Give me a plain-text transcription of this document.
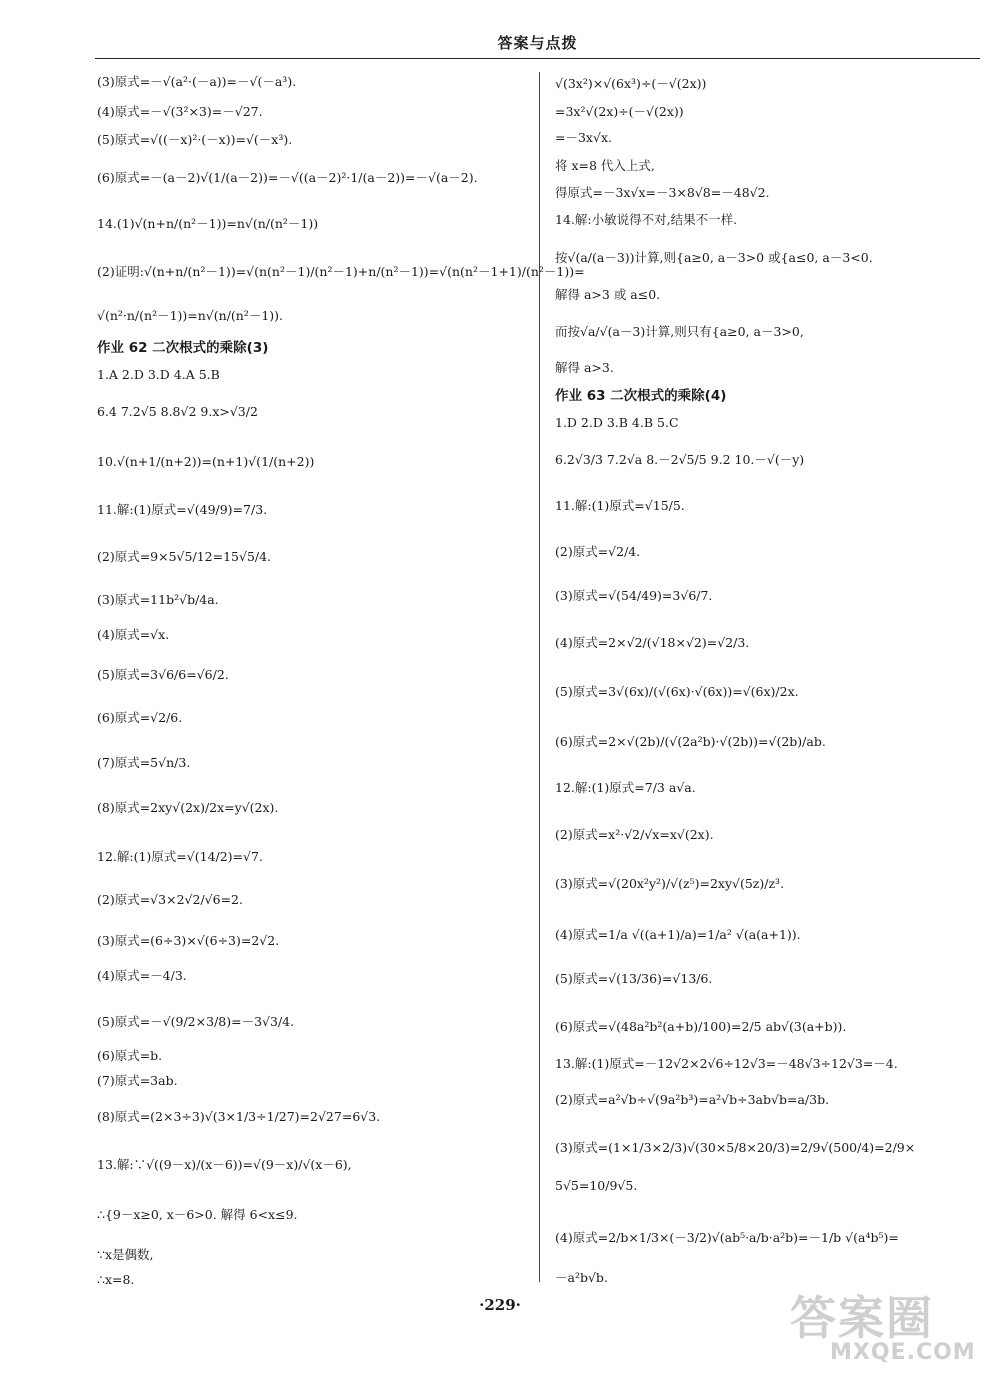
答案与点拨
(3)原式=－√(a²·(－a))=－√(－a³).
(4)原式=－√(3²×3)=－√27.
(5)原式=√((－x)²·(－x))=√(－x³).
(6)原式=－(a－2)√(1/(a－2))=－√((a－2)²·1/(a－2))=－√(a－2).
14.(1)√(n+n/(n²－1))=n√(n/(n²－1))
(2)证明:√(n+n/(n²－1))=√(n(n²－1)/(n²－1)+n/(n²－1))=√(n(n²－1+1)/(n²－1))=
√(n²·n/(n²－1))=n√(n/(n²－1)).
作业 62 二次根式的乘除(3)
1.A 2.D 3.D 4.A 5.B
6.4 7.2√5 8.8√2 9.x>√3/2
10.√(n+1/(n+2))=(n+1)√(1/(n+2))
11.解:(1)原式=√(49/9)=7/3.
(2)原式=9×5√5/12=15√5/4.
(3)原式=11b²√b/4a.
(4)原式=√x.
(5)原式=3√6/6=√6/2.
(6)原式=√2/6.
(7)原式=5√n/3.
(8)原式=2xy√(2x)/2x=y√(2x).
12.解:(1)原式=√(14/2)=√7.
(2)原式=√3×2√2/√6=2.
(3)原式=(6÷3)×√(6÷3)=2√2.
(4)原式=－4/3.
(5)原式=－√(9/2×3/8)=－3√3/4.
(6)原式=b.
(7)原式=3ab.
(8)原式=(2×3÷3)√(3×1/3÷1/27)=2√27=6√3.
13.解:∵√((9－x)/(x－6))=√(9－x)/√(x－6),
∴{9－x≥0, x－6>0. 解得 6<x≤9.
∵x是偶数,
∴x=8.
√(3x²)×√(6x³)÷(－√(2x))
=3x²√(2x)÷(－√(2x))
=－3x√x.
将 x=8 代入上式,
得原式=－3x√x=－3×8√8=－48√2.
14.解:小敏说得不对,结果不一样.
按√(a/(a－3))计算,则{a≥0, a－3>0 或{a≤0, a－3<0.
解得 a>3 或 a≤0.
而按√a/√(a－3)计算,则只有{a≥0, a－3>0,
解得 a>3.
作业 63 二次根式的乘除(4)
1.D 2.D 3.B 4.B 5.C
6.2√3/3 7.2√a 8.－2√5/5 9.2 10.－√(－y)
11.解:(1)原式=√15/5.
(2)原式=√2/4.
(3)原式=√(54/49)=3√6/7.
(4)原式=2×√2/(√18×√2)=√2/3.
(5)原式=3√(6x)/(√(6x)·√(6x))=√(6x)/2x.
(6)原式=2×√(2b)/(√(2a²b)·√(2b))=√(2b)/ab.
12.解:(1)原式=7/3 a√a.
(2)原式=x²·√2/√x=x√(2x).
(3)原式=√(20x²y²)/√(z⁵)=2xy√(5z)/z³.
(4)原式=1/a √((a+1)/a)=1/a² √(a(a+1)).
(5)原式=√(13/36)=√13/6.
(6)原式=√(48a²b²(a+b)/100)=2/5 ab√(3(a+b)).
13.解:(1)原式=－12√2×2√6÷12√3=－48√3÷12√3=－4.
(2)原式=a²√b÷√(9a²b³)=a²√b÷3ab√b=a/3b.
(3)原式=(1×1/3×2/3)√(30×5/8×20/3)=2/9√(500/4)=2/9×
5√5=10/9√5.
(4)原式=2/b×1/3×(－3/2)√(ab⁵·a/b·a²b)=－1/b √(a⁴b⁵)=
－a²b√b.
·229·	答案圈
MXQE.COM
